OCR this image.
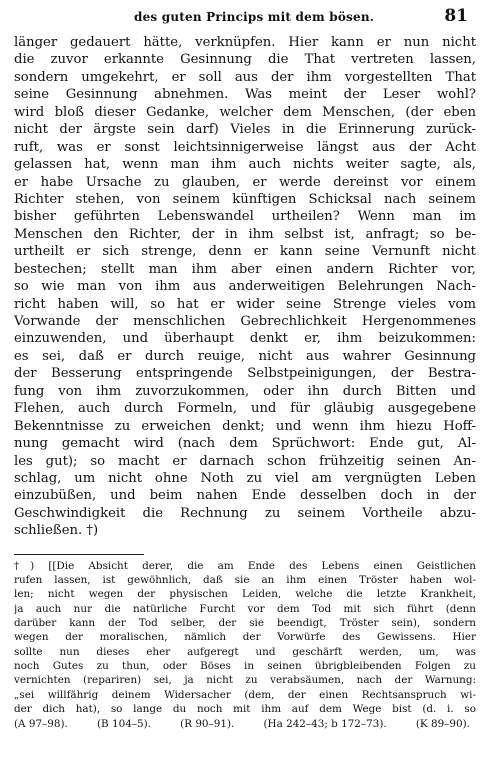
des guten Princips mit dem bösen.	81
länger gedauert hätte, verknüpfen. Hier kann er nun nicht
die zuvor erkannte Gesinnung die That vertreten lassen,
sondern umgekehrt, er soll aus der ihm vorgestellten That
seine Gesinnung abnehmen. Was meint der Leser wohl?
wird bloß dieser Gedanke, welcher dem Menschen, (der eben
nicht der ärgste sein darf) Vieles in die Erinnerung zurück-
ruft, was er sonst leichtsinnigerweise längst aus der Acht
gelassen hat, wenn man ihm auch nichts weiter sagte, als,
er habe Ursache zu glauben, er werde dereinst vor einem
Richter stehen, von seinem künftigen Schicksal nach seinem
bisher geführten Lebenswandel urtheilen? Wenn man im
Menschen den Richter, der in ihm selbst ist, anfragt; so be-
urtheilt er sich strenge, denn er kann seine Vernunft nicht
bestechen; stellt man ihm aber einen andern Richter vor,
so wie man von ihm aus anderweitigen Belehrungen Nach-
richt haben will, so hat er wider seine Strenge vieles vom
Vorwande der menschlichen Gebrechlichkeit Hergenommenes
einzuwenden, und überhaupt denkt er, ihm beizukommen:
es sei, daß er durch reuige, nicht aus wahrer Gesinnung
der Besserung entspringende Selbstpeinigungen, der Bestra-
fung von ihm zuvorzukommen, oder ihn durch Bitten und
Flehen, auch durch Formeln, und für gläubig ausgegebene
Bekenntnisse zu erweichen denkt; und wenn ihm hiezu Hoff-
nung gemacht wird (nach dem Sprüchwort: Ende gut, Al-
les gut); so macht er darnach schon frühzeitig seinen An-
schlag, um nicht ohne Noth zu viel am vergnügten Leben
einzubüßen, und beim nahen Ende desselben doch in der
Geschwindigkeit die Rechnung zu seinem Vortheile abzu-
schließen. †)
†) [[Die Absicht derer, die am Ende des Lebens einen Geistlichen
rufen lassen, ist gewöhnlich, daß sie an ihm einen Tröster haben wol-
len; nicht wegen der physischen Leiden, welche die letzte Krankheit,
ja auch nur die natürliche Furcht vor dem Tod mit sich führt (denn
darüber kann der Tod selber, der sie beendigt, Tröster sein), sondern
wegen der moralischen, nämlich der Vorwürfe des Gewissens. Hier
sollte nun dieses eher aufgeregt und geschärft werden, um, was
noch Gutes zu thun, oder Böses in seinen übrigbleibenden Folgen zu
vernichten (repariren) sei, ja nicht zu verabsäumen, nach der Warnung:
„sei willfährig deinem Widersacher (dem, der einen Rechtsanspruch wi-
der dich hat), so lange du noch mit ihm auf dem Wege bist (d. i. so
(A 97–98).	(B 104–5).	(R 90–91).	(Ha 242–43; b 172–73).	(K 89–90).
